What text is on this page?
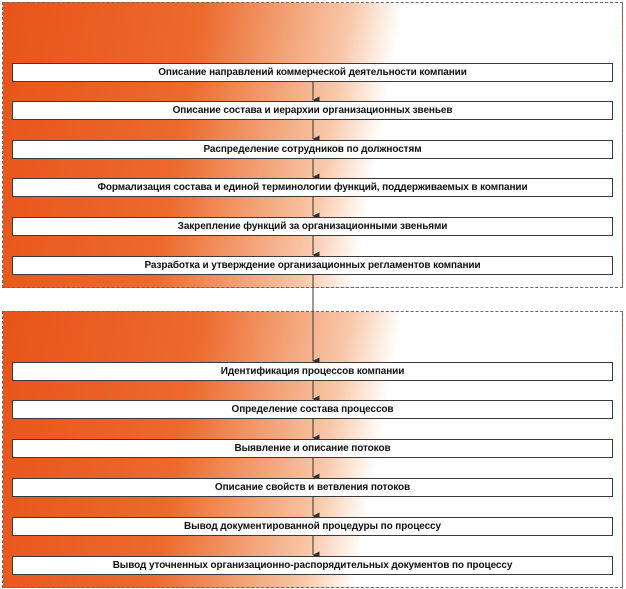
Описание направлений коммерческой деятельности компании
Описание состава и иерархии организационных звеньев
Распределение сотрудников по должностям
Формализация состава и единой терминологии функций, поддерживаемых в компании
Закрепление функций за организационными звеньями
Разработка и утверждение организационных регламентов компании
Идентификация процессов компании
Определение состава процессов
Выявление и описание потоков
Описание свойств и ветвления потоков
Вывод документированной процедуры по процессу
Вывод уточненных организационно-распорядительных документов по процессу
